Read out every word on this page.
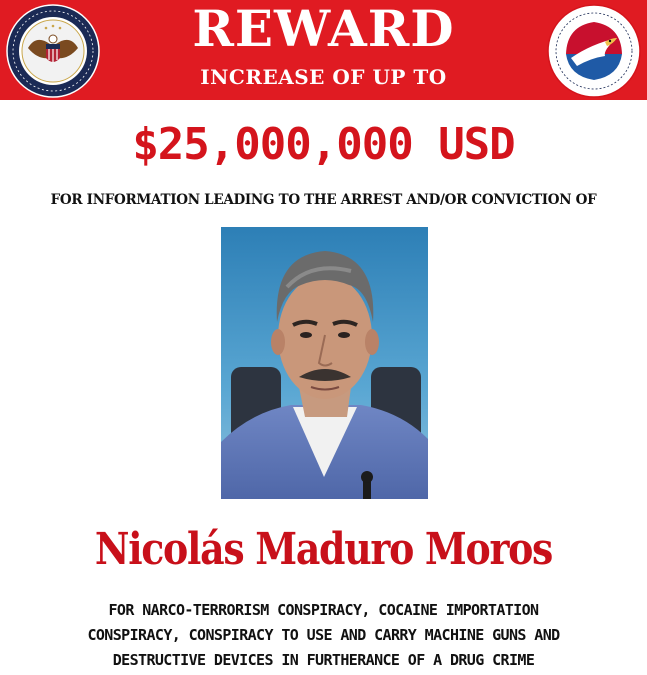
REWARD
INCREASE OF UP TO
$25,000,000 USD
FOR INFORMATION LEADING TO THE ARREST AND/OR CONVICTION OF
Nicolás Maduro Moros
FOR NARCO-TERRORISM CONSPIRACY, COCAINE IMPORTATION
CONSPIRACY, CONSPIRACY TO USE AND CARRY MACHINE GUNS AND
DESTRUCTIVE DEVICES IN FURTHERANCE OF A DRUG CRIME
